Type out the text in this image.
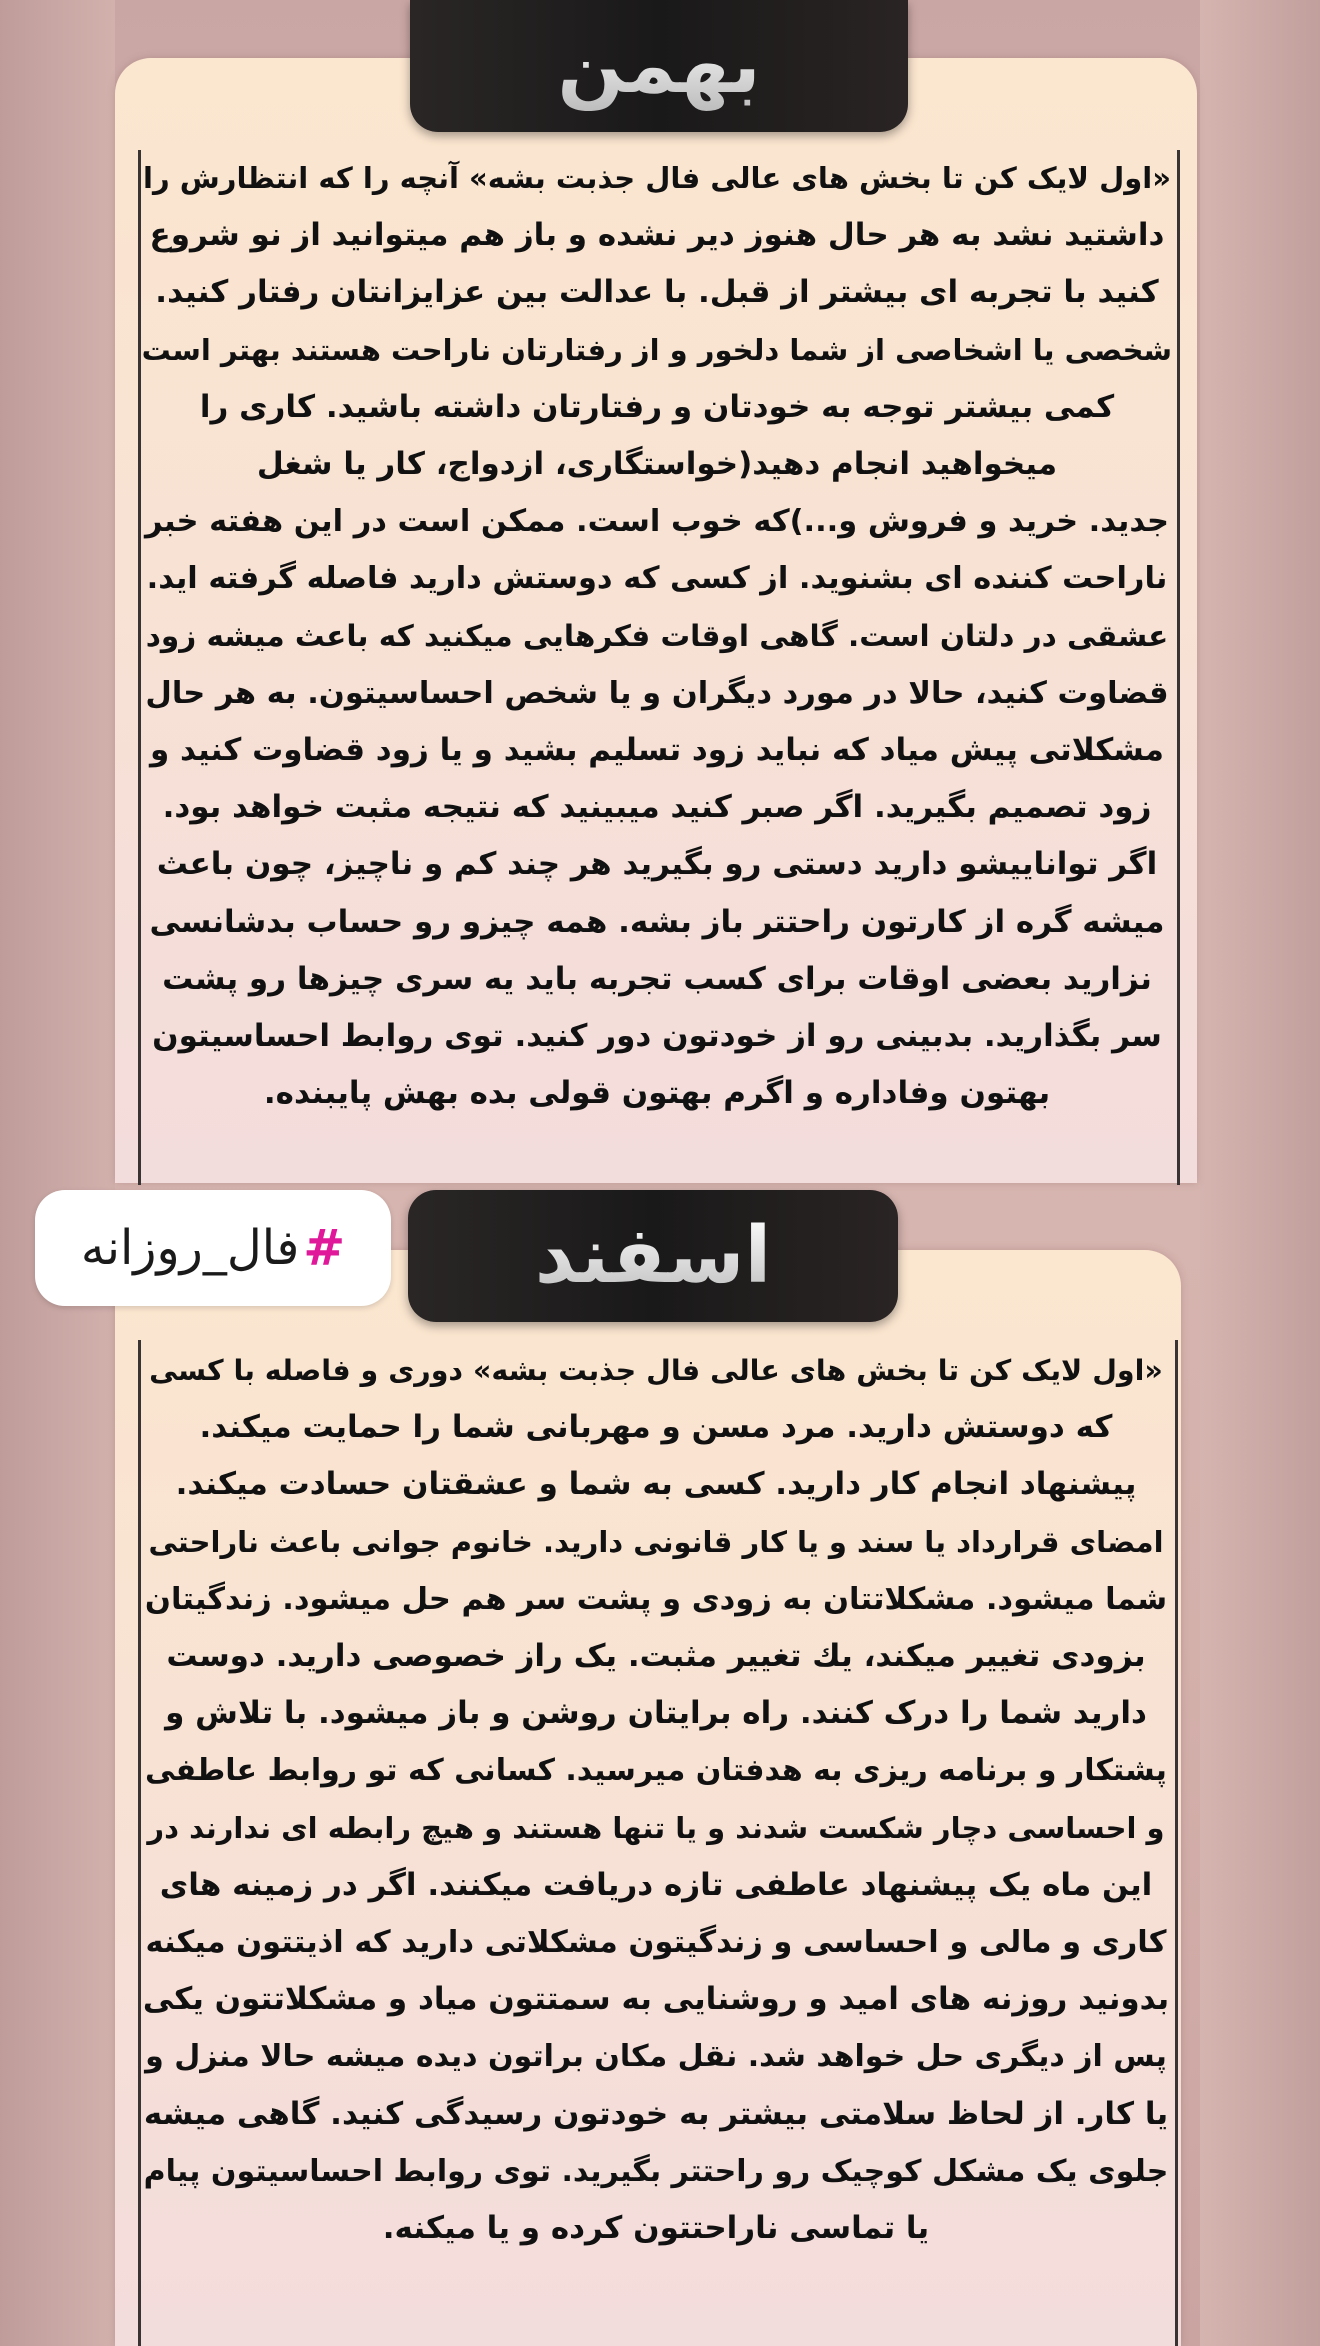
بهمن

«اول لایک کن تا بخش های عالی فال جذبت بشه» آنچه را که انتظارش را
داشتید نشد به هر حال هنوز دیر نشده و باز هم میتوانید از نو شروع
کنید با تجربه ای بیشتر از قبل. با عدالت بین عزایزانتان رفتار کنید.
شخصی یا اشخاصی از شما دلخور و از رفتارتان ناراحت هستند بهتر است
کمی بیشتر توجه به خودتان و رفتارتان داشته باشید. کاری را
میخواهید انجام دهید(خواستگاری، ازدواج، کار یا شغل
جدید. خرید و فروش و...)که خوب است. ممکن است در این هفته خبر
ناراحت کننده ای بشنوید. از کسی که دوستش دارید فاصله گرفته اید.
عشقی در دلتان است. گاهی اوقات فکرهایی میکنید که باعث میشه زود
قضاوت کنید، حالا در مورد دیگران و یا شخص احساسیتون. به هر حال
مشکلاتی پیش میاد که نباید زود تسلیم بشید و یا زود قضاوت کنید و
زود تصمیم بگیرید. اگر صبر کنید میبینید که نتیجه مثبت خواهد بود.
اگر تواناییشو دارید دستی رو بگیرید هر چند کم و ناچیز، چون باعث
میشه گره از کارتون راحتتر باز بشه. همه چیزو رو حساب بدشانسی
نزارید بعضی اوقات برای کسب تجربه باید یه سری چیزها رو پشت
سر بگذارید. بدبینی رو از خودتون دور کنید. توی روابط احساسیتون
بهتون وفاداره و اگرم بهتون قولی بده بهش پایبنده.

اسفند

«اول لایک کن تا بخش های عالی فال جذبت بشه» دوری و فاصله با کسی
که دوستش دارید. مرد مسن و مهربانی شما را حمایت میکند.
پیشنهاد انجام کار دارید. کسی به شما و عشقتان حسادت میکند.
امضای قرارداد یا سند و یا کار قانونی دارید. خانوم جوانی باعث ناراحتی
شما میشود. مشکلاتتان به زودی و پشت سر هم حل میشود. زندگیتان
بزودی تغییر میکند، يك تغییر مثبت. یک راز خصوصی دارید. دوست
دارید شما را درک کنند. راه برایتان روشن و باز میشود. با تلاش و
پشتکار و برنامه ریزی به هدفتان میرسید. کسانی که تو روابط عاطفی
و احساسی دچار شکست شدند و یا تنها هستند و هیچ رابطه ای ندارند در
این ماه یک پیشنهاد عاطفی تازه دریافت میکنند. اگر در زمینه های
کاری و مالی و احساسی و زندگیتون مشکلاتی دارید که اذیتتون میکنه
بدونید روزنه های امید و روشنایی به سمتتون میاد و مشکلاتتون یکی
پس از دیگری حل خواهد شد. نقل مکان براتون دیده میشه حالا منزل و
یا کار. از لحاظ سلامتی بیشتر به خودتون رسیدگی کنید. گاهی میشه
جلوی یک مشکل کوچیک رو راحتتر بگیرید. توی روابط احساسیتون پیام
یا تماسی ناراحتتون کرده و یا میکنه.

#
فال_روزانه
